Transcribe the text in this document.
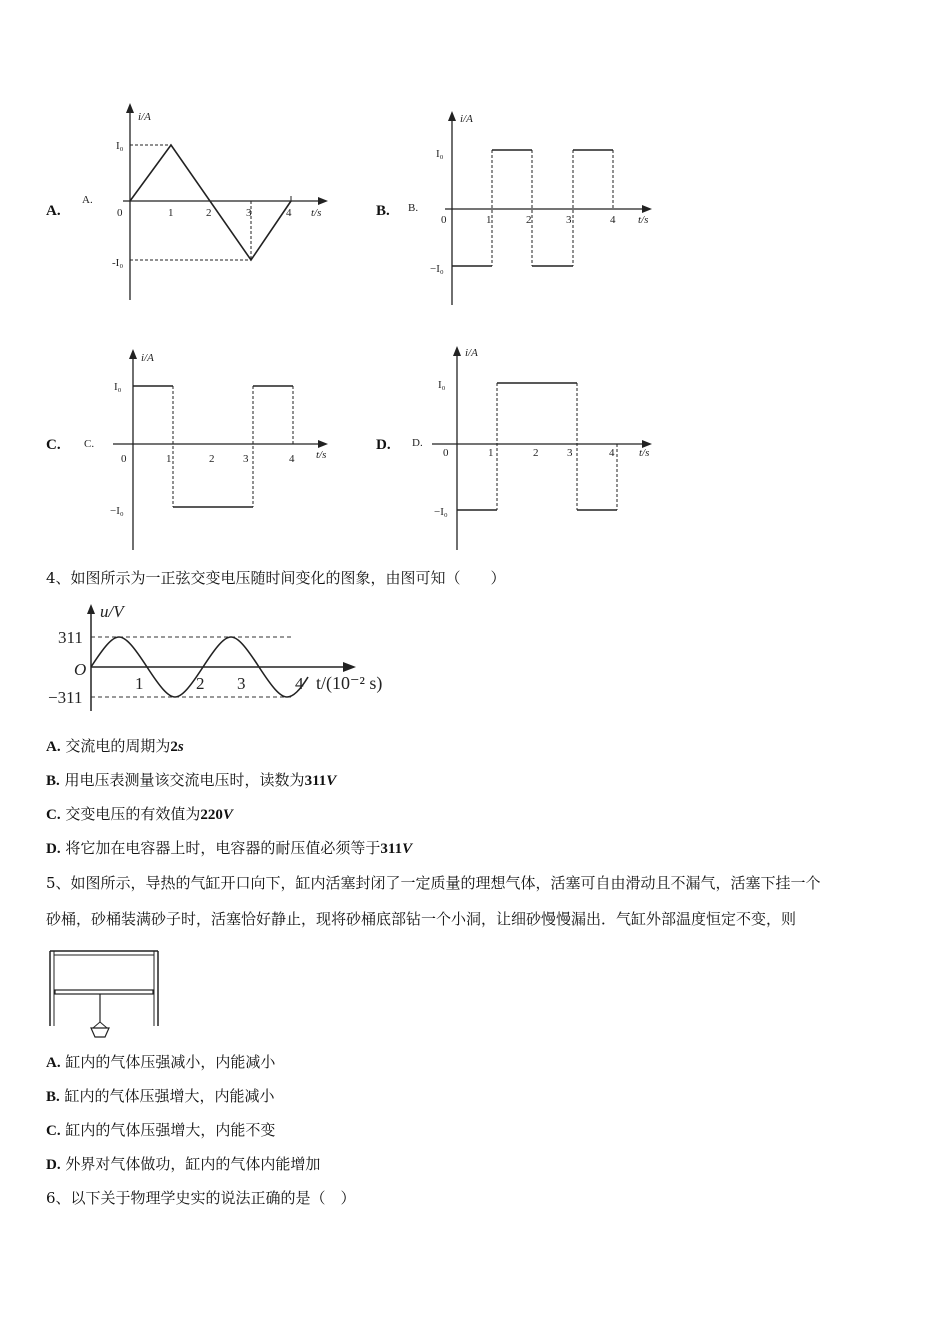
A.
A.
i/A
t/s
I₀
-I₀
0	1	2	3	4	B. B.
i/A
t/s
I₀
−I₀
0	1	2	3	4
C. C.
i/A
t/s
I₀
−I₀
0	1	2	3	4
D. D.
i/A
t/s
I₀
−I₀
0	1	2	3	4
4、如图所示为一正弦交变电压随时间变化的图象，由图可知（　　）
u/V
t/(10⁻² s)
311
−311
O
1	2 3	4
A. 交流电的周期为2s
B. 用电压表测量该交流电压时，读数为311V
C. 交变电压的有效值为220V
D. 将它加在电容器上时，电容器的耐压值必须等于311V
5、如图所示，导热的气缸开口向下，缸内活塞封闭了一定质量的理想气体，活塞可自由滑动且不漏气，活塞下挂一个
砂桶，砂桶装满砂子时，活塞恰好静止，现将砂桶底部钻一个小洞，让细砂慢慢漏出．气缸外部温度恒定不变，则
A. 缸内的气体压强减小，内能减小
B. 缸内的气体压强增大，内能减小
C. 缸内的气体压强增大，内能不变
D. 外界对气体做功，缸内的气体内能增加
6、以下关于物理学史实的说法正确的是（　）
